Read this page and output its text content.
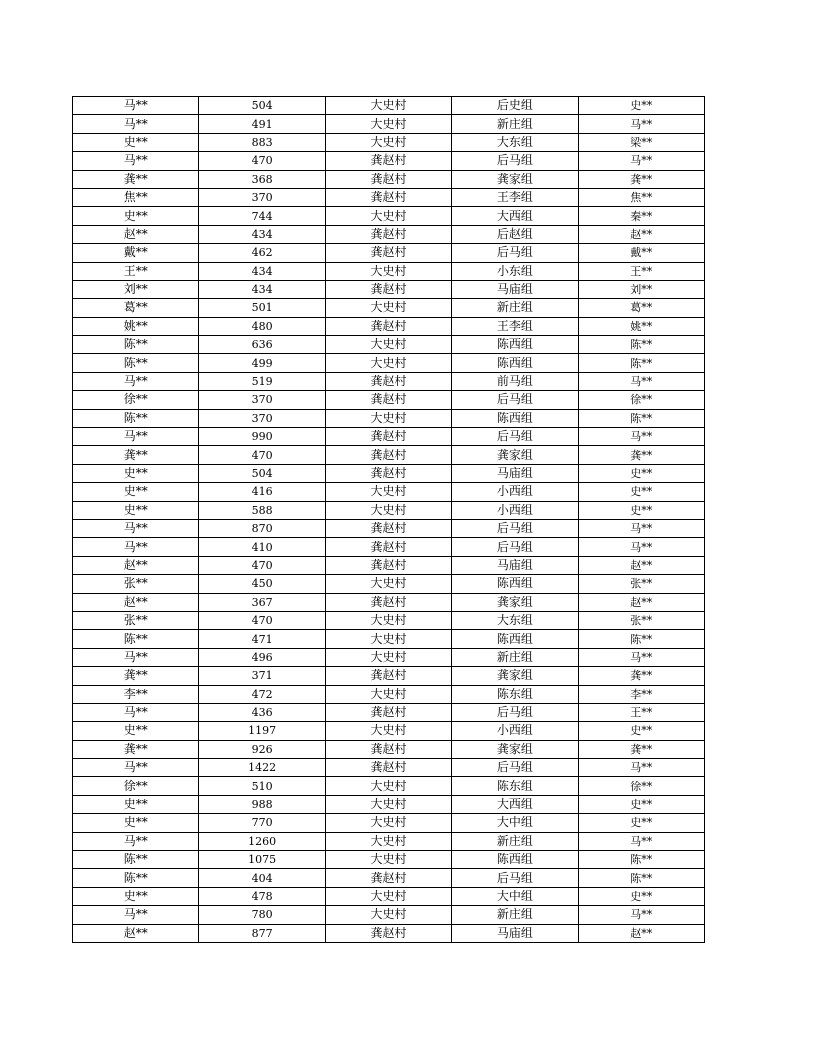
马**	504	大史村	后史组	史**
马**	491	大史村	新庄组	马**
史**	883	大史村	大东组	梁**
马**	470	龚赵村	后马组	马**
龚**	368	龚赵村	龚家组	龚**
焦**	370	龚赵村	王李组	焦**
史**	744	大史村	大西组	秦**
赵**	434	龚赵村	后赵组	赵**
戴**	462	龚赵村	后马组	戴**
王**	434	大史村	小东组	王**
刘**	434	龚赵村	马庙组	刘**
葛**	501	大史村	新庄组	葛**
姚**	480	龚赵村	王李组	姚**
陈**	636	大史村	陈西组	陈**
陈**	499	大史村	陈西组	陈**
马**	519	龚赵村	前马组	马**
徐**	370	龚赵村	后马组	徐**
陈**	370	大史村	陈西组	陈**
马**	990	龚赵村	后马组	马**
龚**	470	龚赵村	龚家组	龚**
史**	504	龚赵村	马庙组	史**
史**	416	大史村	小西组	史**
史**	588	大史村	小西组	史**
马**	870	龚赵村	后马组	马**
马**	410	龚赵村	后马组	马**
赵**	470	龚赵村	马庙组	赵**
张**	450	大史村	陈西组	张**
赵**	367	龚赵村	龚家组	赵**
张**	470	大史村	大东组	张**
陈**	471	大史村	陈西组	陈**
马**	496	大史村	新庄组	马**
龚**	371	龚赵村	龚家组	龚**
李**	472	大史村	陈东组	李**
马**	436	龚赵村	后马组	王**
史**	1197	大史村	小西组	史**
龚**	926	龚赵村	龚家组	龚**
马**	1422	龚赵村	后马组	马**
徐**	510	大史村	陈东组	徐**
史**	988	大史村	大西组	史**
史**	770	大史村	大中组	史**
马**	1260	大史村	新庄组	马**
陈**	1075	大史村	陈西组	陈**
陈**	404	龚赵村	后马组	陈**
史**	478	大史村	大中组	史**
马**	780	大史村	新庄组	马**
赵**	877	龚赵村	马庙组	赵**
